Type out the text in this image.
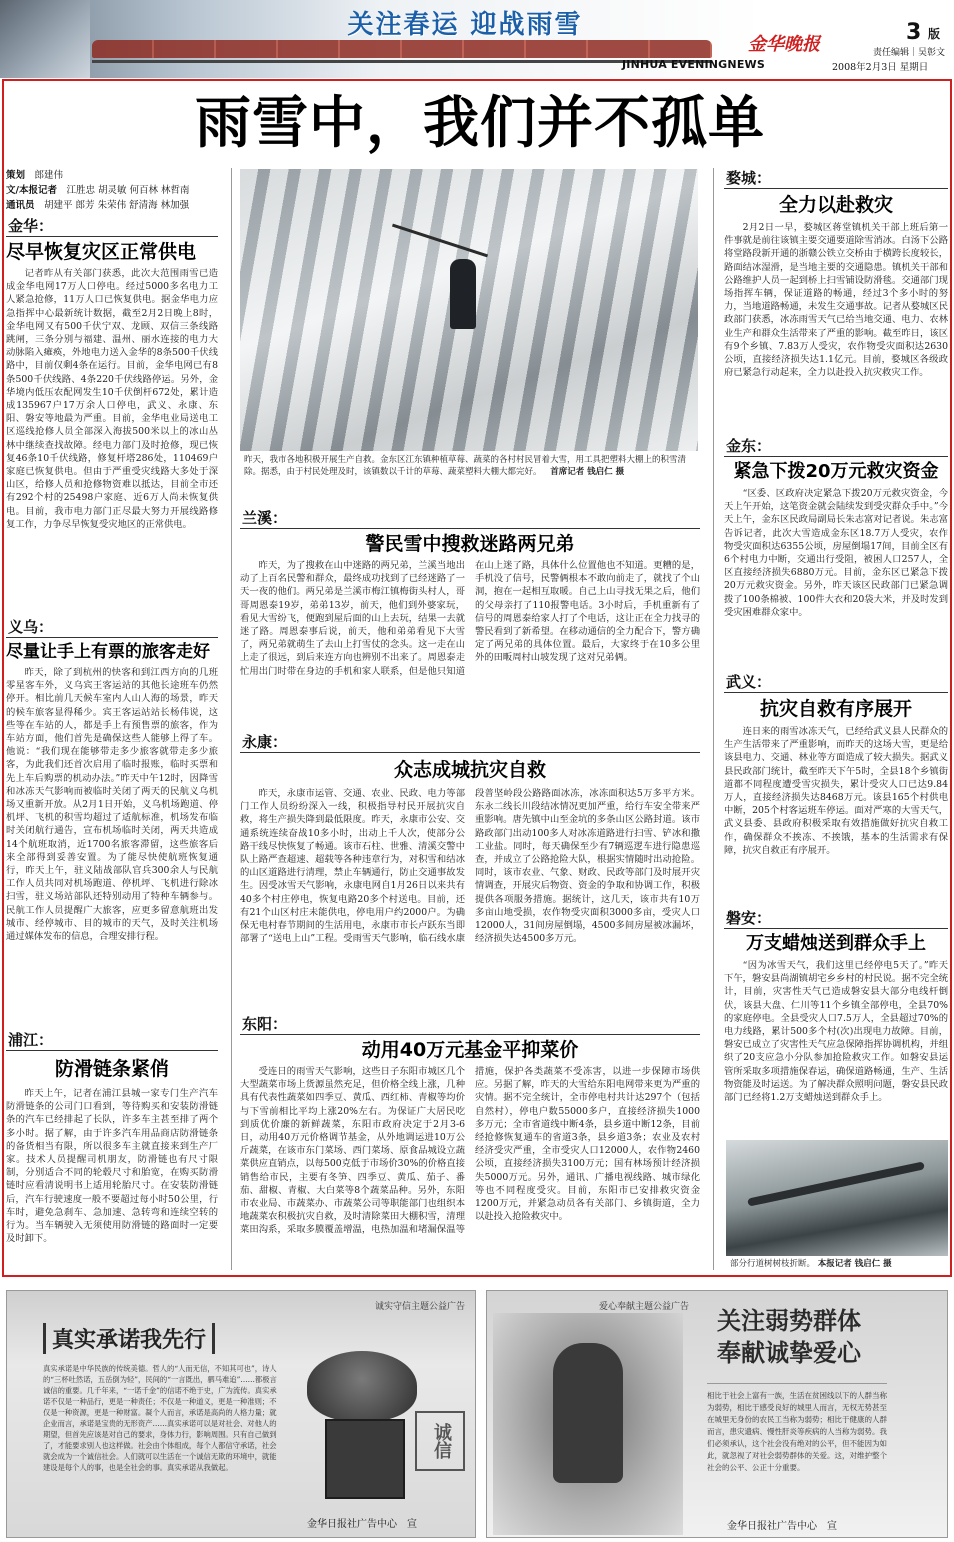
关注春运 迎战雨雪
金华晚报	3 版
责任编辑｜吴彰文
JINHUA EVENINGNEWS	2008年2月3日 星期日
雨雪中，我们并不孤单
策划　 郎建伟
文/本报记者　 江胜忠 胡灵敏 何百林 林哲南
通讯员　 胡建平 郎芳 朱荣伟 舒清海 林加强
金华：
尽早恢复灾区正常供电
记者昨从有关部门获悉，此次大范围雨雪已造成金华电网17万人口停电。经过5000多名电力工人紧急抢修，11万人口已恢复供电。据金华电力应急指挥中心最新统计数据，截至2月2日晚上8时，金华电网又有500千伏宁双、龙顾、双信三条线路跳闸，三条分别与福建、温州、丽水连接的电力大动脉陷入瘫痪，外地电力送入金华的8条500千伏线路中，目前仅剩4条在运行。目前，金华电网已有8条500千伏线路、4条220千伏线路停运。另外，金华境内低压农配网发生10千伏倒杆672处，累计造成135967户17万余人口停电，武义、永康、东阳、磐安等地最为严重。目前，金华电业局送电工区巡线抢修人员全部深入海拔500米以上的冰山丛林中继续查找故障。经电力部门及时抢修，现已恢复46条10千伏线路，修复杆塔286处，110469户家庭已恢复供电。但由于严重受灾线路大多处于深山区，给修人员和抢修物资难以抵达，目前全市还有292个村的25498户家庭、近6万人尚未恢复供电。目前，我市电力部门正尽最大努力开展线路修复工作，力争尽早恢复受灾地区的正常供电。
义乌：
尽量让手上有票的旅客走好
昨天，除了到杭州的快客和到江西方向的几班零星客车外，义乌宾王客运站的其他长途班车仍然停开。相比前几天候车室内人山人海的场景，昨天的候车旅客显得稀少。宾王客运站站长杨伟说，这些等在车站的人，都是手上有预售票的旅客，作为车站方面，他们首先是确保这些人能够上得了车。他说：“我们现在能够带走多少旅客就带走多少旅客，为此我们还首次启用了临时报账，临时买票和先上车后购票的机动办法。”昨天中午12时，因降雪和冰冻天气影响而被临时关闭了两天的民航义乌机场又重新开放。从2月1日开始，义乌机场跑道、停机坪、飞机的积雪均超过了适航标准，机场发布临时关闭航行通告，宣布机场临时关闭，两天共造成14个航班取消，近1700名旅客滞留，这些旅客后来全部得到妥善安置。为了能尽快使航班恢复通行，昨天上午，驻义陆战部队官兵300余人与民航工作人员共同对机场跑道、停机坪、飞机进行除冰扫雪，驻义场站部队还特别动用了特种车辆参与。民航工作人员提醒广大旅客，应更多留意航班出发城市、经停城市、目的城市的天气，及时关注机场通过媒体发布的信息，合理安排行程。
浦江：
防滑链条紧俏
昨天上午，记者在浦江县城一家专门生产汽车防滑链条的公司门口看到，等待购买和安装防滑链条的汽车已经排起了长队，许多车主甚至排了两个多小时。据了解，由于许多汽车用品商店防滑链条的备货相当有限，所以很多车主就直接来到生产厂家。技术人员提醒司机朋友，防滑链也有尺寸限制，分别适合不同的轮毂尺寸和胎宽，在购买防滑链时应看清说明书上适用轮胎尺寸。在安装防滑链后，汽车行驶速度一般不要超过每小时50公里，行车时，避免急刹车、急加速、急转弯和连续空转的行为。当车辆驶入无须使用防滑链的路面时一定要及时卸下。
昨天，我市各地积极开展生产自救。金东区江东镇种植草莓、蔬菜的各村村民冒着大雪，用工具把塑料大棚上的积雪清除。据悉，由于村民处理及时，该镇数以千计的草莓、蔬菜塑料大棚大都完好。 首席记者 钱启仁 摄
兰溪：
警民雪中搜救迷路两兄弟
昨天，为了搜救在山中迷路的两兄弟，兰溪当地出动了上百名民警和群众，最终成功找到了已经迷路了一天一夜的他们。两兄弟是兰溪市梅江镇梅街头村人，哥哥周恩泰19岁，弟弟13岁，前天，他们到外婆家玩，看见大雪纷飞，便跑到屋后面的山上去玩，结果一去就迷了路。周恩泰事后说，前天，他和弟弟看见下大雪了，两兄弟就萌生了去山上打雪仗的念头。这一走在山上走了很远，到后来连方向也辨别不出来了。周恩泰走忙用出门时带在身边的手机和家人联系，但是他只知道在山上迷了路，具体什么位置他也不知道。更糟的是，手机没了信号，民警俩根本不敢向前走了，就找了个山洞，抱在一起相互取暖。自己上山寻找无果之后，他们的父母亲打了110报警电话。3小时后，手机重新有了信号的周恩泰给家人打了个电话，这让正在全力找寻的警民看到了新希望。在移动通信的全力配合下，警方确定了两兄弟的具体位置。最后，大家终于在10多公里外的田畈周村山坡发现了这对兄弟俩。
永康：
众志成城抗灾自救
昨天，永康市运管、交通、农业、民政、电力等部门工作人员纷纷深入一线，积极指导村民开展抗灾自救，将生产损失降到最低限度。昨天，永康市公安、交通系统连续奋战10多小时，出动上千人次，使部分公路干线尽快恢复了畅通。该市石柱、世雅、清溪交警中队上路严查超速、超载等各种违章行为，对积雪和结冰的山区道路进行清理，禁止车辆通行，防止交通事故发生。因受冰雪天气影响，永康电网自1月26日以来共有40多个村庄停电，恢复电路20多个村送电。目前，还有21个山区村庄未能供电，停电用户约2000户。为确保无电村春节期间的生活用电，永康市市长卢跃东当即部署了“送电上山”工程。受雨雪天气影响，临石线水康段普坚岭段公路路面冰冻，冰冻面积达5万多平方米。东永二线长川段结冰情况更加严重，给行车安全带来严重影响。唐先镇中山至金坑的多条山区公路封道。该市路政部门出动100多人对冰冻道路进行扫雪、铲冰和撒工业盐。同时，每天确保至少有7辆巡逻车进行隐患巡查，并成立了公路抢险大队，根据实情随时出动抢险。同时，该市农业、气象、财政、民政等部门及时展开灾情调查，开展灾后物资、资金的争取和协调工作，积极提供各项服务措施。据统计，这几天，该市共有10万多亩山地受损，农作物受灾面积3000多亩，受灾人口12000人，31间房屋倒塌，4500多间房屋被冰漏坏，经济损失达4500多万元。
东阳：
动用40万元基金平抑菜价
受连日的雨雪天气影响，这些日子东阳市城区几个大型蔬菜市场上货源虽然充足，但价格全线上涨，几种具有代表性蔬菜如四季豆、黄瓜、西红柿、青椒等均价与下雪前相比平均上涨20%左右。为保证广大居民吃到质优价廉的新鲜蔬菜，东阳市政府决定于2月3-6日，动用40万元价格调节基金，从外地调运进10万公斤蔬菜，在该市东门菜场、西门菜场、原食品城设立蔬菜供应直销点，以每500克低于市场价30%的价格直接销售给市民，主要有冬笋、四季豆、黄瓜、茄子、番茄、甜椒、青椒、大白菜等8个蔬菜品种。另外，东阳市农业局、市蔬菜办、市蔬菜公司等职能部门也组织本地蔬菜农积极抗灾自救，及时清除菜田大棚积雪，清理菜田沟系，采取多膜覆盖增温，电热加温和堵漏保温等措施，保护各类蔬菜不受冻害，以进一步保障市场供应。另据了解，昨天的大雪给东阳电网带来更为严重的灾情。据不完全统计，全市停电村共计达297个（包括自然村），停电户数55000多户，直接经济损失1000多万元；全市省道线中断4条，县乡道中断12条，目前经抢修恢复通车的省道3条，县乡道3条；农业及农村经济受灾严重，全市受灾人口12000人，农作物2460公顷，直接经济损失3100万元；国有林场预计经济损失5000万元。另外，通讯、广播电视线路、城市绿化等也不同程度受灾。目前，东阳市已安排救灾资金1200万元，并紧急动员各有关部门、乡镇街道，全力以赴投入抢险救灾中。
婺城：
全力以赴救灾
2月2日一早，婺城区蒋堂镇机关干部上班后第一件事就是前往该镇主要交通要道除雪消冰。白汤下公路将堂路段新开通的浙赣公铁立交桥由于横跨长度较长，路面结冰湿滑，是当地主要的交通隐患。镇机关干部和公路维护人员一起到桥上扫雪铺设防滑毯。交通部门现场指挥车辆，保证道路的畅通，经过3个多小时的努力，当地道路畅通，未发生交通事故。记者从婺城区民政部门获悉，冰冻雨雪天气已给当地交通、电力、农林业生产和群众生活带来了严重的影响。截至昨日，该区有9个乡镇、7.83万人受灾，农作物受灾面积达2630公顷，直接经济损失达1.1亿元。目前，婺城区各级政府已紧急行动起来，全力以赴投入抗灾救灾工作。
金东：
紧急下拨20万元救灾资金
“区委、区政府决定紧急下拨20万元救灾资金，今天上午开始，这笔资金就会陆续发到受灾群众手中。”今天上午，金东区民政局副局长朱志富对记者说。朱志富告诉记者，此次大雪造成金东区18.7万人受灾，农作物受灾面积达6355公顷，房屋倒塌17间，目前全区有6个村电力中断，交通出行受阻，被困人口257人，全区直接经济损失6880万元。目前，金东区已紧急下拨20万元救灾资金。另外，昨天该区民政部门已紧急调拨了100条棉被、100件大衣和20袋大米，并及时发到受灾困难群众家中。
武义：
抗灾自救有序展开
连日来的雨雪冰冻天气，已经给武义县人民群众的生产生活带来了严重影响，而昨天的这场大雪，更是给该县电力、交通、林业等方面造成了较大损失。据武义县民政部门统计，截至昨天下午5时，全县18个乡镇街道都不同程度遭受雪灾损失，累计受灾人口已达9.84万人，直接经济损失达8468万元。该县165个村供电中断，205个村客运班车停运。面对严寒的大雪天气，武义县委、县政府积极采取有效措施做好抗灾自救工作，确保群众不挨冻、不挨饿，基本的生活需求有保障，抗灾自救正有序展开。
磐安：
万支蜡烛送到群众手上
“因为冰雪天气，我们这里已经停电5天了。”昨天下午，磐安县尚湖镇胡宅乡乡村的村民说。据不完全统计，目前，灾害性天气已造成磐安县大部分电线杆倒伏，该县大盘、仁川等11个乡镇全部停电，全县70%的家庭停电。全县受灾人口7.5万人，全县超过70%的电力线路，累计500多个村(次)出现电力故障。目前，磐安已成立了灾害性天气应急保障指挥协调机构，并组织了20支应急小分队参加抢险救灾工作。如磐安县运管所采取多项措施保春运，确保道路畅通，生产、生活物资能及时运送。为了解决群众照明问题，磐安县民政部门已经将1.2万支蜡烛送到群众手上。
部分行道树树枝折断。 本报记者 钱启仁 摄
诚实守信主题公益广告
真实承诺我先行
真实承诺是中华民族的传统美德。哲人的“人而无信，不知其可也”，诗人的“三杯吐然诺，五岳倒为轻”，民间的“一言既出，驷马难追”……都极言诚信的重要。几千年来，“一诺千金”的信诺不绝于史，广为流传。真实承诺不仅是一种品行，更是一种责任；不仅是一种道义，更是一种准则；不仅是一种资源，更是一种财富。凝个人而言，承诺是高尚的人格力量；就企业而言，承诺是宝贵的无形资产……真实承诺可以是对社会、对他人的期望，但首先应该是对自己的要求，身体力行，影响周围。只有自己做到了，才能要求别人也这样做。社会由个体组成，每个人都信守承诺，社会就会成为一个诚信社会。人们就可以生活在一个诚信无欺的环境中，就能建设是每个人的事，也是全社会的事。真实承诺从我做起。
诚信
金华日报社广告中心　宣
爱心奉献主题公益广告 关注弱势群体
奉献诚挚爱心
相比于社会上富有一族，生活在贫困线以下的人群当称为弱势，相比于感受良好的城里人而言，无权无势甚至在城里无身份的农民工当称为弱势；相比于健康的人群而言，患灾遗病、慢性肝炎等疾病的人当称为弱势。我们必须承认，这个社会没有绝对的公平，但不能因为如此，就忽视了对社会弱势群体的关爱。这，对维护整个社会的公平、公正十分重要。
金华日报社广告中心　宣
